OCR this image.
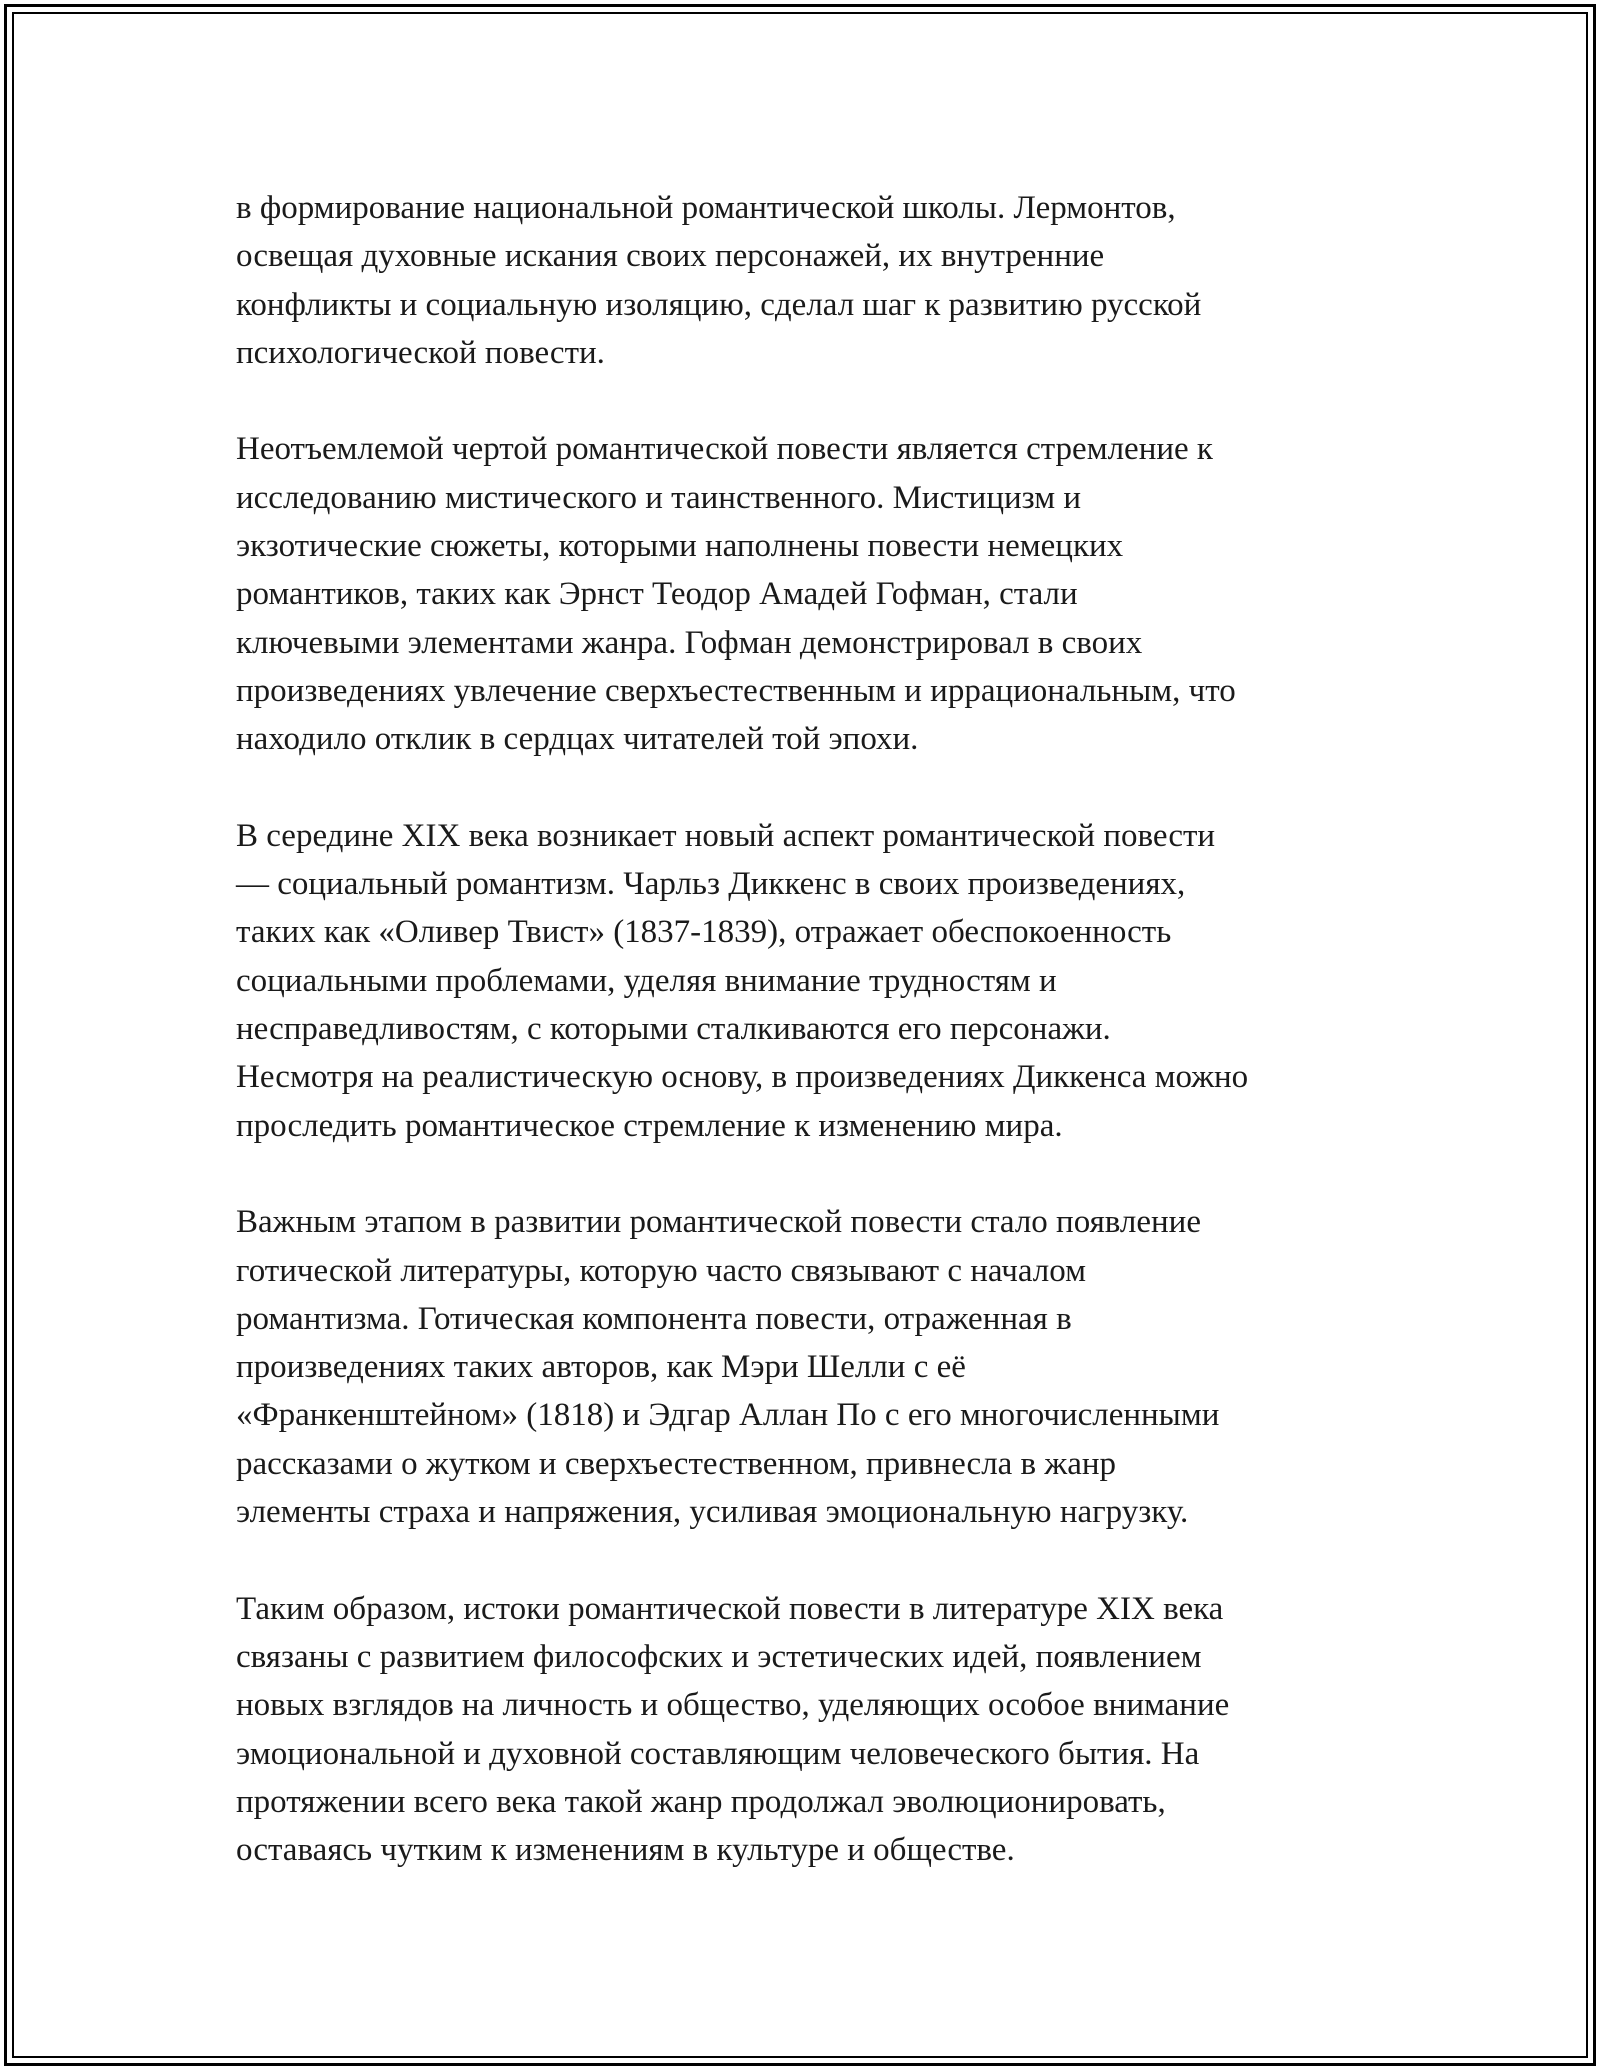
в формирование национальной романтической школы. Лермонтов,
освещая духовные искания своих персонажей, их внутренние
конфликты и социальную изоляцию, сделал шаг к развитию русской
психологической повести.

Неотъемлемой чертой романтической повести является стремление к
исследованию мистического и таинственного. Мистицизм и
экзотические сюжеты, которыми наполнены повести немецких
романтиков, таких как Эрнст Теодор Амадей Гофман, стали
ключевыми элементами жанра. Гофман демонстрировал в своих
произведениях увлечение сверхъестественным и иррациональным, что
находило отклик в сердцах читателей той эпохи.

В середине XIX века возникает новый аспект романтической повести
— социальный романтизм. Чарльз Диккенс в своих произведениях,
таких как «Оливер Твист» (1837-1839), отражает обеспокоенность
социальными проблемами, уделяя внимание трудностям и
несправедливостям, с которыми сталкиваются его персонажи.
Несмотря на реалистическую основу, в произведениях Диккенса можно
проследить романтическое стремление к изменению мира.

Важным этапом в развитии романтической повести стало появление
готической литературы, которую часто связывают с началом
романтизма. Готическая компонента повести, отраженная в
произведениях таких авторов, как Мэри Шелли с её
«Франкенштейном» (1818) и Эдгар Аллан По с его многочисленными
рассказами о жутком и сверхъестественном, привнесла в жанр
элементы страха и напряжения, усиливая эмоциональную нагрузку.

Таким образом, истоки романтической повести в литературе XIX века
связаны с развитием философских и эстетических идей, появлением
новых взглядов на личность и общество, уделяющих особое внимание
эмоциональной и духовной составляющим человеческого бытия. На
протяжении всего века такой жанр продолжал эволюционировать,
оставаясь чутким к изменениям в культуре и обществе.
